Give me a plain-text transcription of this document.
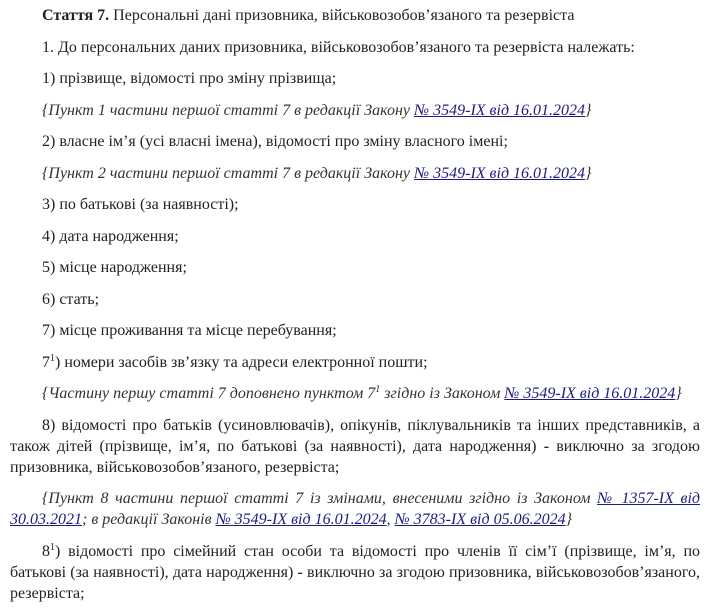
Стаття 7. Персональні дані призовника, військовозобов’язаного та резервіста

1. До персональних даних призовника, військовозобов’язаного та резервіста належать:

1) прізвище, відомості про зміну прізвища;

{Пункт 1 частини першої статті 7 в редакції Закону № 3549-IX від 16.01.2024}

2) власне ім’я (усі власні імена), відомості про зміну власного імені;

{Пункт 2 частини першої статті 7 в редакції Закону № 3549-IX від 16.01.2024}

3) по батькові (за наявності);

4) дата народження;

5) місце народження;

6) стать;

7) місце проживання та місце перебування;

$7^1$) номери засобів зв’язку та адреси електронної пошти;

{Частину першу статті 7 доповнено пунктом $7^1$ згідно із Законом № 3549-IX від 16.01.2024}

8) відомості про батьків (усиновлювачів), опікунів, піклувальників та інших представників, а також дітей (прізвище, ім’я, по батькові (за наявності), дата народження) - виключно за згодою призовника, військовозобов’язаного, резервіста;

{Пункт 8 частини першої статті 7 із змінами, внесеними згідно із Законом № 1357-IX від 30.03.2021; в редакції Законів № 3549-IX від 16.01.2024, № 3783-IX від 05.06.2024}

$8^1$) відомості про сімейний стан особи та відомості про членів її сім’ї (прізвище, ім’я, по батькові (за наявності), дата народження) - виключно за згодою призовника, військовозобов’язаного, резервіста;
